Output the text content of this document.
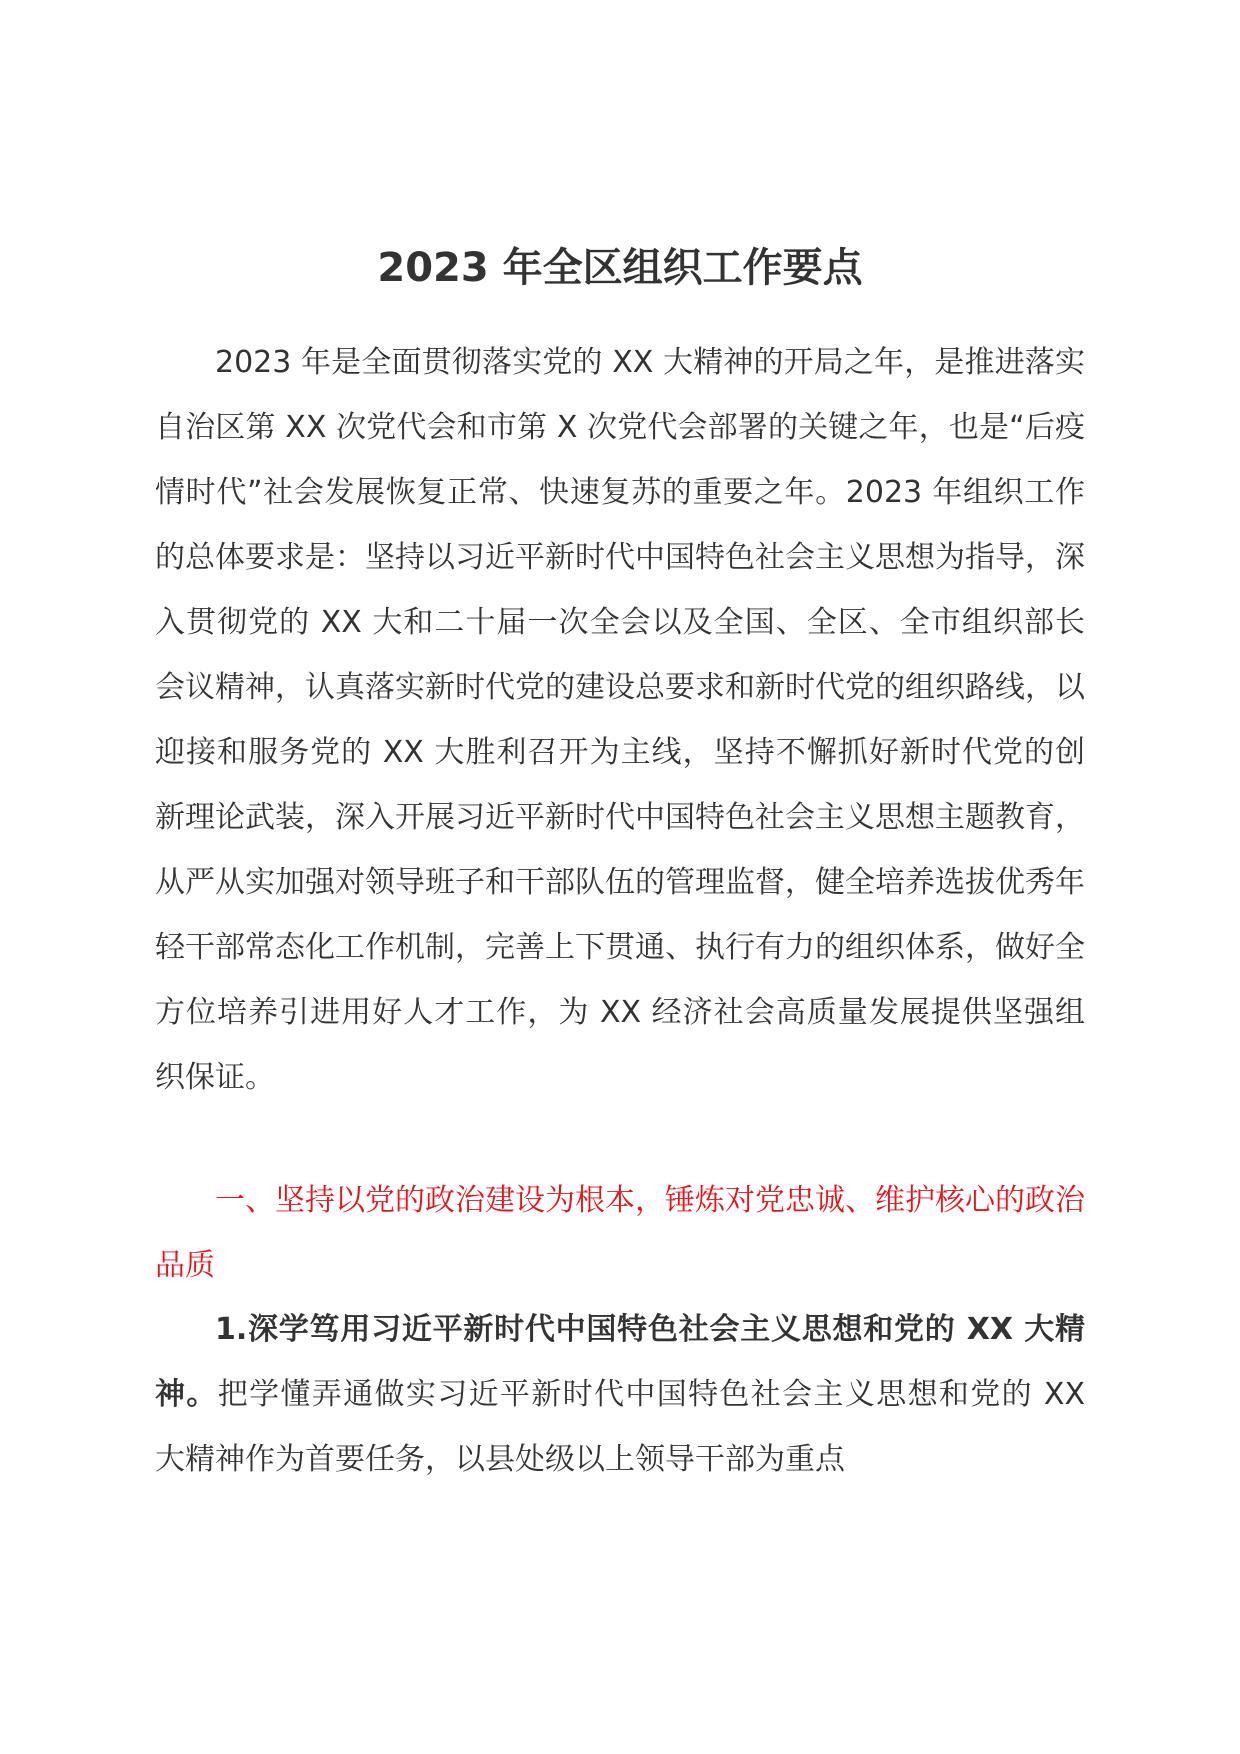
2023 年全区组织工作要点

2023 年是全面贯彻落实党的 XX 大精神的开局之年，是推进落实自治区第 XX 次党代会和市第 X 次党代会部署的关键之年，也是“后疫情时代”社会发展恢复正常、快速复苏的重要之年。2023 年组织工作的总体要求是：坚持以习近平新时代中国特色社会主义思想为指导，深入贯彻党的 XX 大和二十届一次全会以及全国、全区、全市组织部长会议精神，认真落实新时代党的建设总要求和新时代党的组织路线，以迎接和服务党的 XX 大胜利召开为主线，坚持不懈抓好新时代党的创新理论武装，深入开展习近平新时代中国特色社会主义思想主题教育，从严从实加强对领导班子和干部队伍的管理监督，健全培养选拔优秀年轻干部常态化工作机制，完善上下贯通、执行有力的组织体系，做好全方位培养引进用好人才工作，为 XX 经济社会高质量发展提供坚强组织保证。

一、坚持以党的政治建设为根本，锤炼对党忠诚、维护核心的政治品质

1.深学笃用习近平新时代中国特色社会主义思想和党的 XX 大精神。把学懂弄通做实习近平新时代中国特色社会主义思想和党的 XX 大精神作为首要任务，以县处级以上领导干部为重点
